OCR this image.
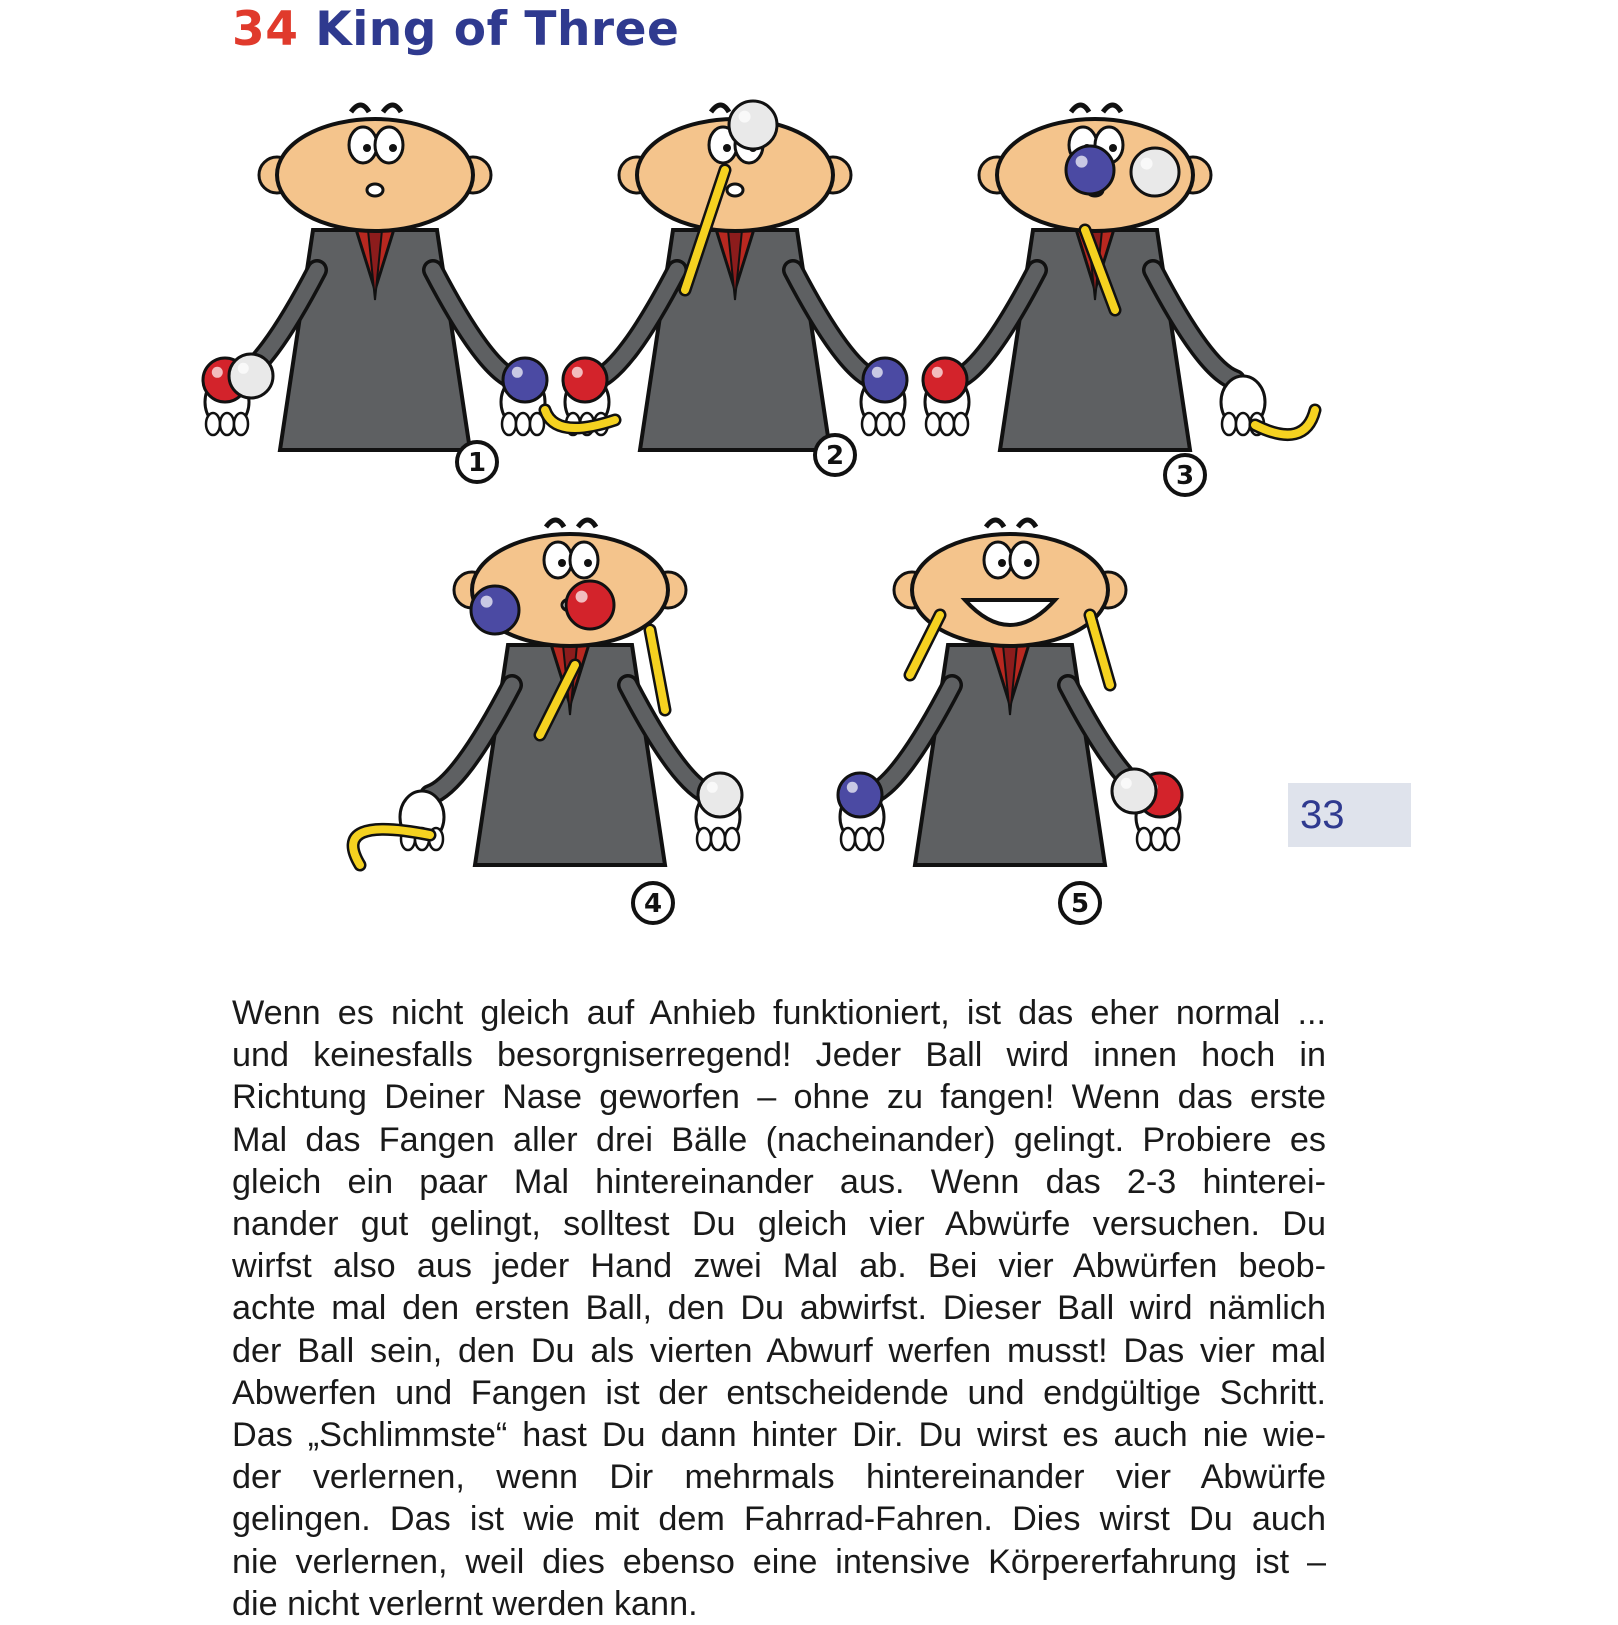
34 King of Three
1	2
3
4	5
33
Wenn es nicht gleich auf Anhieb funktioniert, ist das eher normal ...
und keinesfalls besorgniserregend! Jeder Ball wird innen hoch in
Richtung Deiner Nase geworfen – ohne zu fangen! Wenn das erste
Mal das Fangen aller drei Bälle (nacheinander) gelingt. Probiere es
gleich ein paar Mal hintereinander aus. Wenn das 2-3 hinterei-
nander gut gelingt, solltest Du gleich vier Abwürfe versuchen. Du
wirfst also aus jeder Hand zwei Mal ab. Bei vier Abwürfen beob-
achte mal den ersten Ball, den Du abwirfst. Dieser Ball wird nämlich
der Ball sein, den Du als vierten Abwurf werfen musst! Das vier mal
Abwerfen und Fangen ist der entscheidende und endgültige Schritt.
Das „Schlimmste“ hast Du dann hinter Dir. Du wirst es auch nie wie-
der verlernen, wenn Dir mehrmals hintereinander vier Abwürfe
gelingen. Das ist wie mit dem Fahrrad-Fahren. Dies wirst Du auch
nie verlernen, weil dies ebenso eine intensive Körpererfahrung ist –
die nicht verlernt werden kann.
